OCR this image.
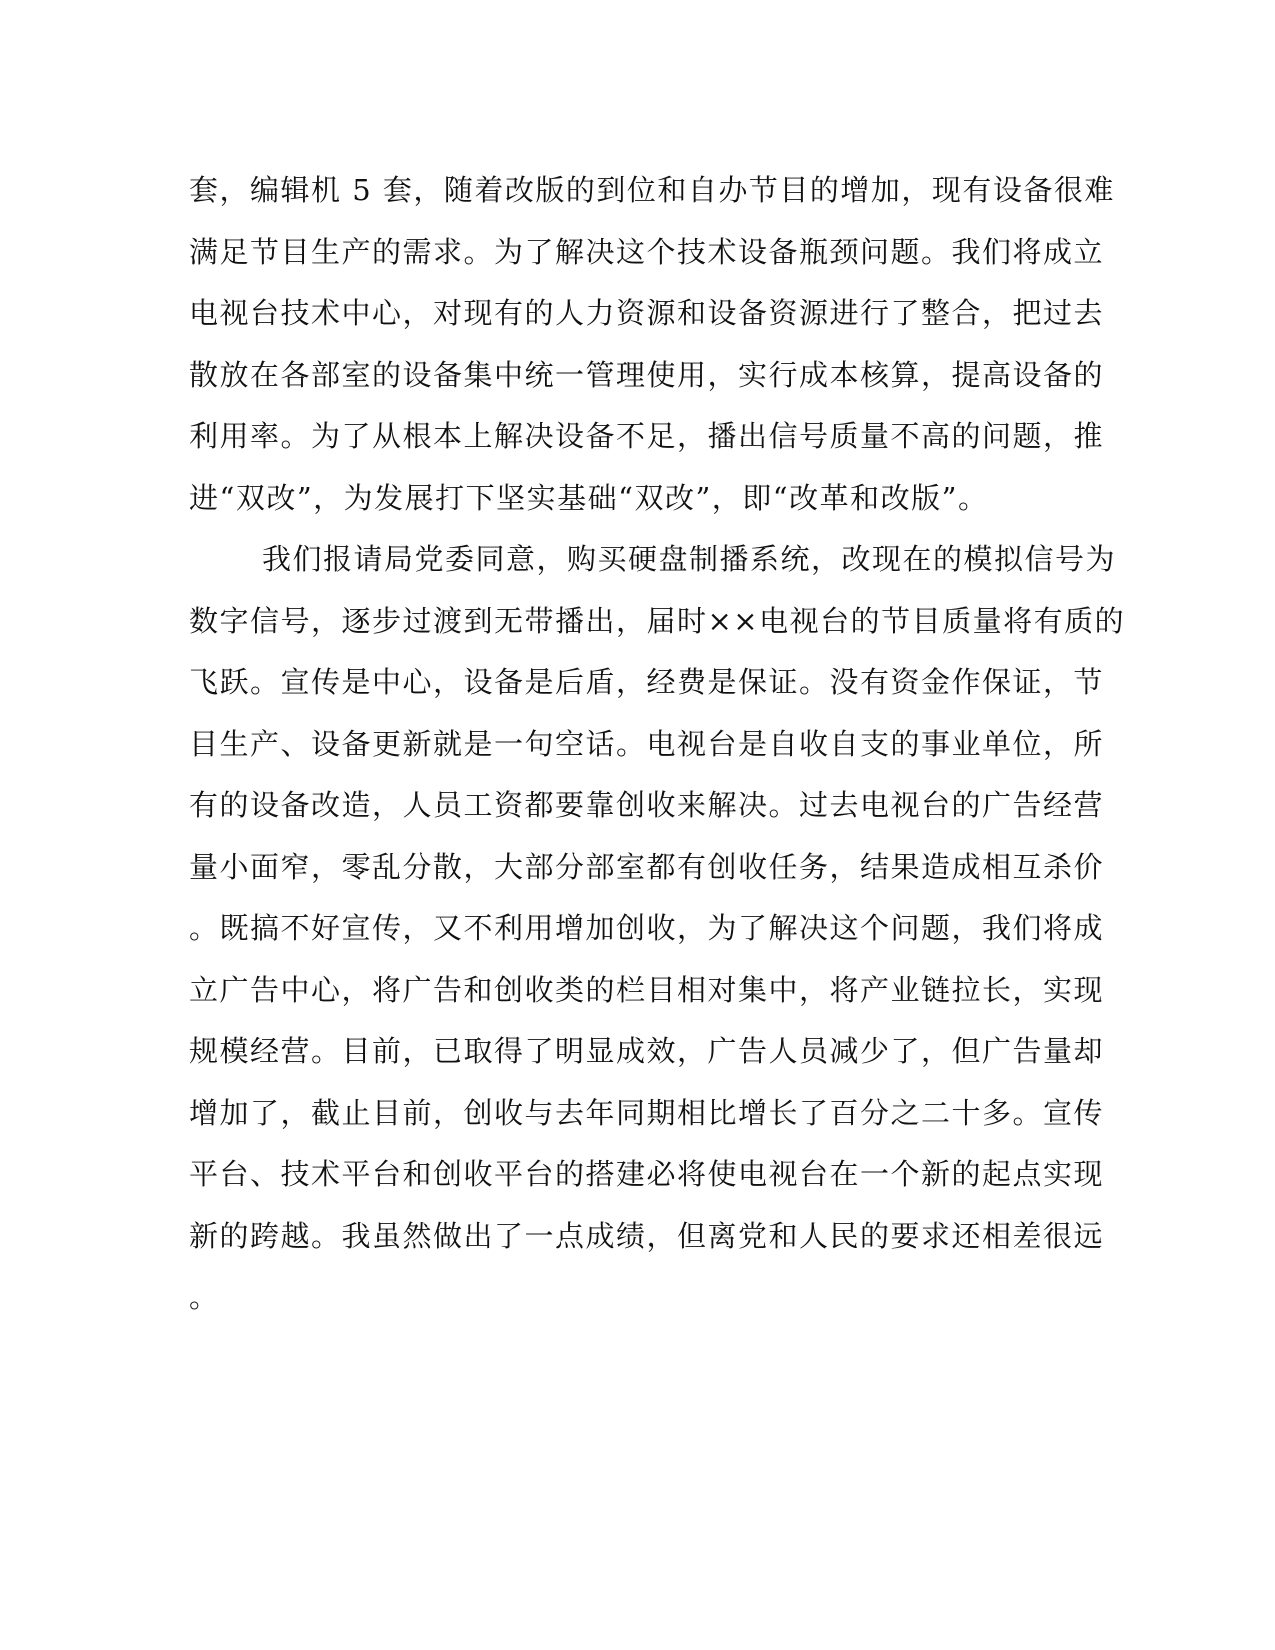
套，编辑机 5 套，随着改版的到位和自办节目的增加，现有设备很难
满足节目生产的需求。为了解决这个技术设备瓶颈问题。我们将成立
电视台技术中心，对现有的人力资源和设备资源进行了整合，把过去
散放在各部室的设备集中统一管理使用，实行成本核算，提高设备的
利用率。为了从根本上解决设备不足，播出信号质量不高的问题，推
进“双改”，为发展打下坚实基础“双改”，即“改革和改版”。
我们报请局党委同意，购买硬盘制播系统，改现在的模拟信号为
数字信号，逐步过渡到无带播出，届时××电视台的节目质量将有质的
飞跃。宣传是中心，设备是后盾，经费是保证。没有资金作保证，节
目生产、设备更新就是一句空话。电视台是自收自支的事业单位，所
有的设备改造，人员工资都要靠创收来解决。过去电视台的广告经营
量小面窄，零乱分散，大部分部室都有创收任务，结果造成相互杀价
。既搞不好宣传，又不利用增加创收，为了解决这个问题，我们将成
立广告中心，将广告和创收类的栏目相对集中，将产业链拉长，实现
规模经营。目前，已取得了明显成效，广告人员减少了，但广告量却
增加了，截止目前，创收与去年同期相比增长了百分之二十多。宣传
平台、技术平台和创收平台的搭建必将使电视台在一个新的起点实现
新的跨越。我虽然做出了一点成绩，但离党和人民的要求还相差很远
。
